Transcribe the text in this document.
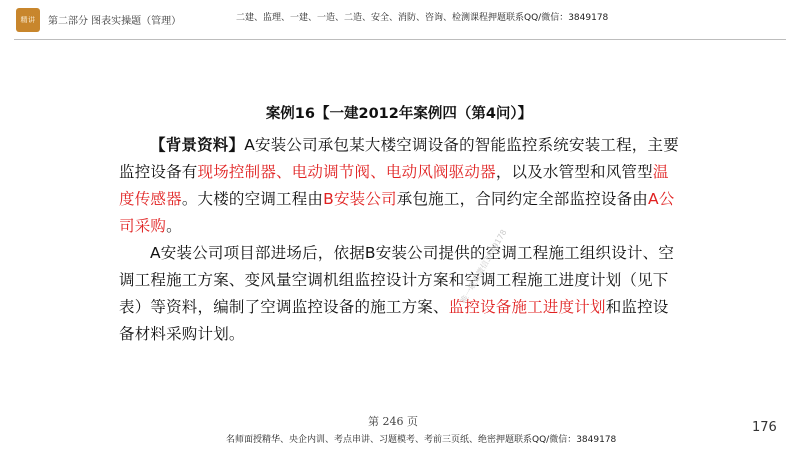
精讲 第二部分 图表实操题（管理）	二建、监理、一建、一造、二造、安全、消防、咨询、检测课程押题联系QQ/微信：3849178
案例16【一建2012年案例四（第4问）】

【背景资料】A安装公司承包某大楼空调设备的智能监控系统安装工程，主要监控设备有现场控制器、电动调节阀、电动风阀驱动器，以及水管型和风管型温度传感器。大楼的空调工程由B安装公司承包施工，合同约定全部监控设备由A公司采购。

A安装公司项目部进场后，依据B安装公司提供的空调工程施工组织设计、空调工程施工方案、变风量空调机组监控设计方案和空调工程施工进度计划（见下表）等资料，编制了空调监控设备的施工方案、监控设备施工进度计划和监控设备材料采购计划。

唯一联系微信3849178
第 246 页	176
名师面授精华、央企内训、考点串讲、习题模考、考前三页纸、绝密押题联系QQ/微信：3849178
